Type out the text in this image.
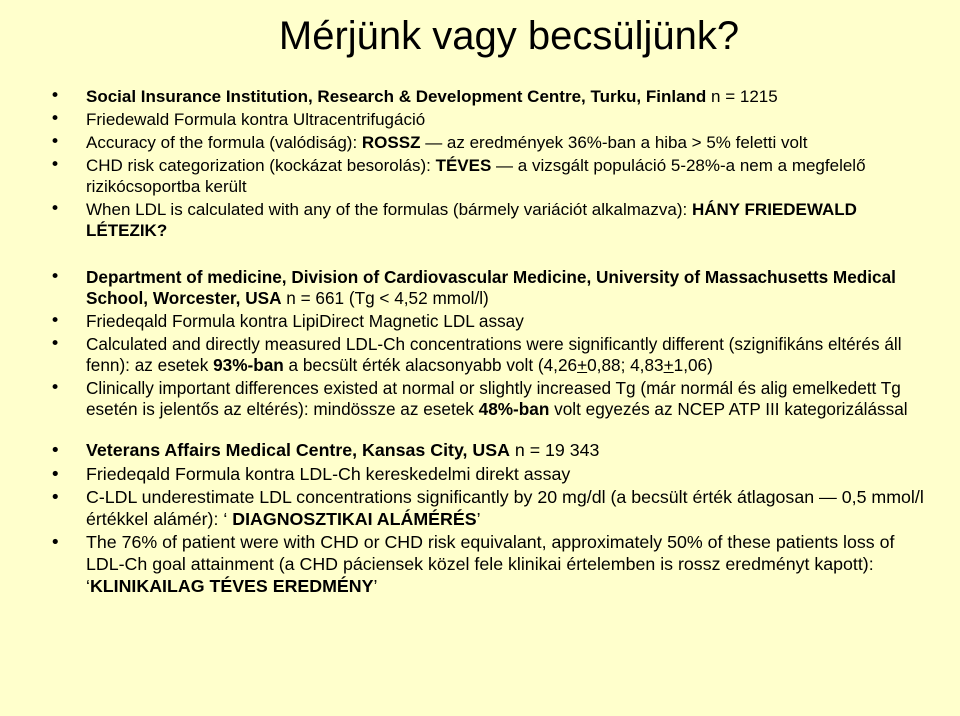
Mérjünk vagy becsüljünk?
• Social Insurance Institution, Research & Development Centre, Turku, Finland n = 1215
• Friedewald Formula kontra Ultracentrifugáció
• Accuracy of the formula (valódiság): ROSSZ — az eredmények 36%-ban a hiba > 5% feletti volt
• CHD risk categorization (kockázat besorolás): TÉVES — a vizsgált populáció 5-28%-a nem a megfelelő rizikócsoportba került
• When LDL is calculated with any of the formulas (bármely variációt alkalmazva): HÁNY FRIEDEWALD LÉTEZIK?
• Department of medicine, Division of Cardiovascular Medicine, University of Massachusetts Medical School, Worcester, USA n = 661 (Tg < 4,52 mmol/l)
• Friedeqald Formula kontra LipiDirect Magnetic LDL assay
• Calculated and directly measured LDL-Ch concentrations were significantly different (szignifikáns eltérés áll fenn): az esetek 93%-ban a becsült érték alacsonyabb volt (4,26+0,88; 4,83+1,06)
• Clinically important differences existed at normal or slightly increased Tg (már normál és alig emelkedett Tg esetén is jelentős az eltérés): mindössze az esetek 48%-ban volt egyezés az NCEP ATP III kategorizálással
• Veterans Affairs Medical Centre, Kansas City, USA n = 19 343
• Friedeqald Formula kontra LDL-Ch kereskedelmi direkt assay
• C-LDL underestimate LDL concentrations significantly by 20 mg/dl (a becsült érték átlagosan — 0,5 mmol/l értékkel alámér): ‘ DIAGNOSZTIKAI ALÁMÉRÉS’
• The 76% of patient were with CHD or CHD risk equivalant, approximately 50% of these patients loss of LDL-Ch goal attainment (a CHD páciensek közel fele klinikai értelemben is rossz eredményt kapott): ‘KLINIKAILAG TÉVES EREDMÉNY’
